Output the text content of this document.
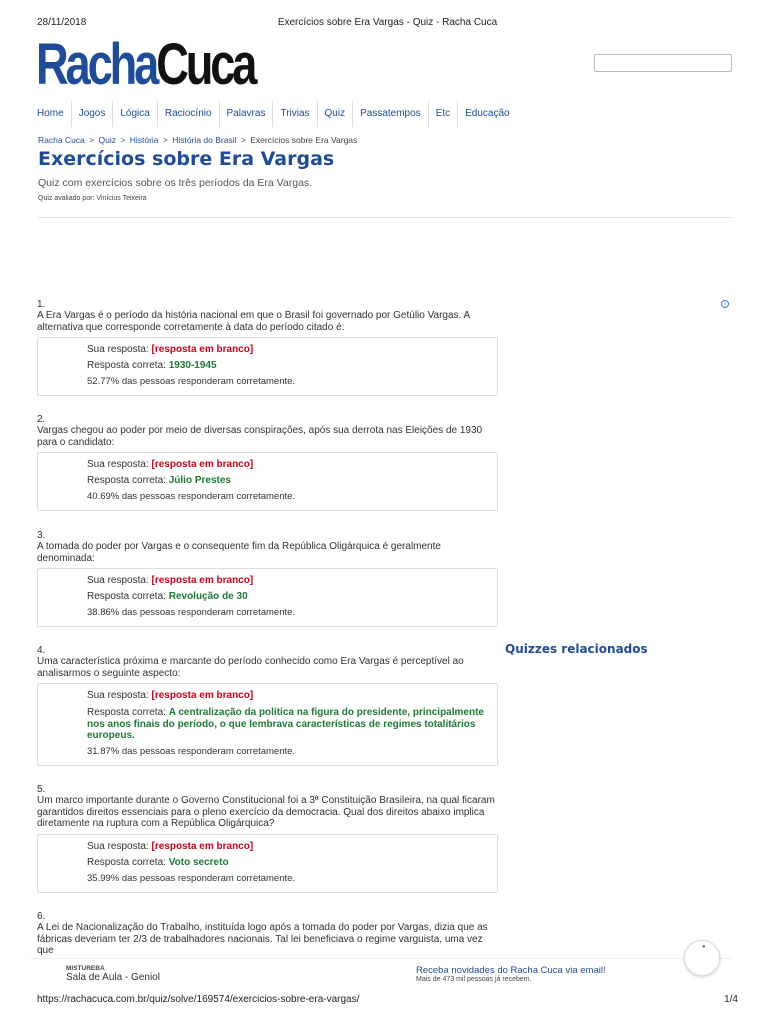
28/11/2018	Exercícios sobre Era Vargas - Quiz - Racha Cuca
RachaCuca
Home	Jogos	Lógica	Raciocínio	Palavras	Trivias	Quiz	Passatempos	Etc	Educação
Racha Cuca > Quiz > História > História do Brasil > Exercícios sobre Era Vargas
Exercícios sobre Era Vargas
Quiz com exercícios sobre os três períodos da Era Vargas.
Quiz avaliado por: Vinícius Teixeira
i
1.
A Era Vargas é o período da história nacional em que o Brasil foi governado por Getúlio Vargas. A alternativa que corresponde corretamente à data do período citado é:
Sua resposta: [resposta em branco]
Resposta correta: 1930-1945
52.77% das pessoas responderam corretamente.
2.
Vargas chegou ao poder por meio de diversas conspirações, após sua derrota nas Eleições de 1930 para o candidato:
Sua resposta: [resposta em branco]
Resposta correta: Júlio Prestes
40.69% das pessoas responderam corretamente.
3.
A tomada do poder por Vargas e o consequente fim da República Oligárquica é geralmente denominada:
Sua resposta: [resposta em branco]
Resposta correta: Revolução de 30
38.86% das pessoas responderam corretamente.
4.
Uma característica próxima e marcante do período conhecido como Era Vargas é perceptível ao analisarmos o seguinte aspecto:
Sua resposta: [resposta em branco]
Resposta correta: A centralização da política na figura do presidente, principalmente nos anos finais do período, o que lembrava características de regimes totalitários europeus.
31.87% das pessoas responderam corretamente.
Quizzes relacionados
5.
Um marco importante durante o Governo Constitucional foi a 3ª Constituição Brasileira, na qual ficaram garantidos direitos essenciais para o pleno exercício da democracia. Qual dos direitos abaixo implica diretamente na ruptura com a República Oligárquica?
Sua resposta: [resposta em branco]
Resposta correta: Voto secreto
35.99% das pessoas responderam corretamente.
6.
A Lei de Nacionalização do Trabalho, instituída logo após a tomada do poder por Vargas, dizia que as fábricas deveriam ter 2/3 de trabalhadores nacionais. Tal lei beneficiava o regime varguista, uma vez que
MISTUREBA
Sala de Aula - Geniol
Receba novidades do Racha Cuca via email!
Mais de 473 mil pessoas já recebem.
●
https://rachacuca.com.br/quiz/solve/169574/exercicios-sobre-era-vargas/	1/4
